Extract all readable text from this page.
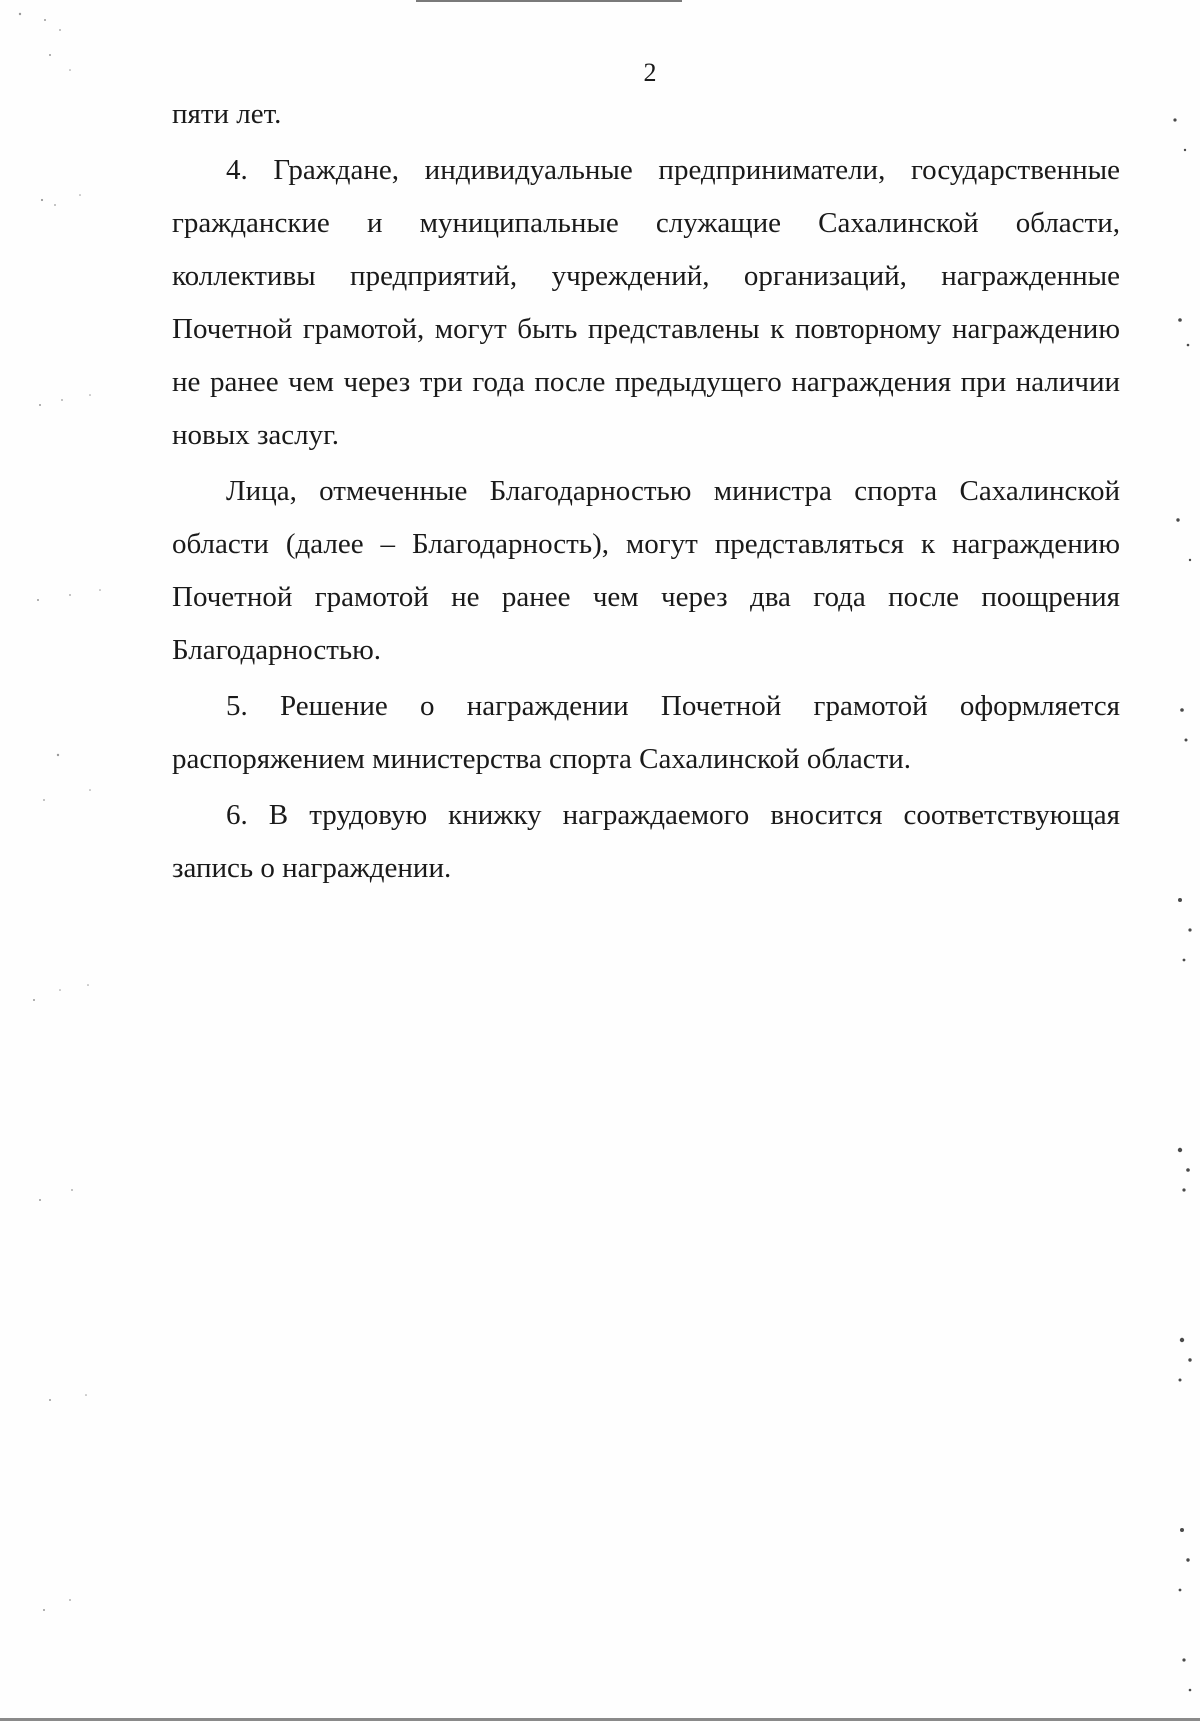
2

пяти лет.

4. Граждане, индивидуальные предприниматели, государственные гражданские и муниципальные служащие Сахалинской области, коллективы предприятий, учреждений, организаций, награжденные Почетной грамотой, могут быть представлены к повторному награждению не ранее чем через три года после предыдущего награждения при наличии новых заслуг.

Лица, отмеченные Благодарностью министра спорта Сахалинской области (далее – Благодарность), могут представляться к награждению Почетной грамотой не ранее чем через два года после поощрения Благодарностью.

5. Решение о награждении Почетной грамотой оформляется распоряжением министерства спорта Сахалинской области.

6. В трудовую книжку награждаемого вносится соответствующая запись о награждении.
